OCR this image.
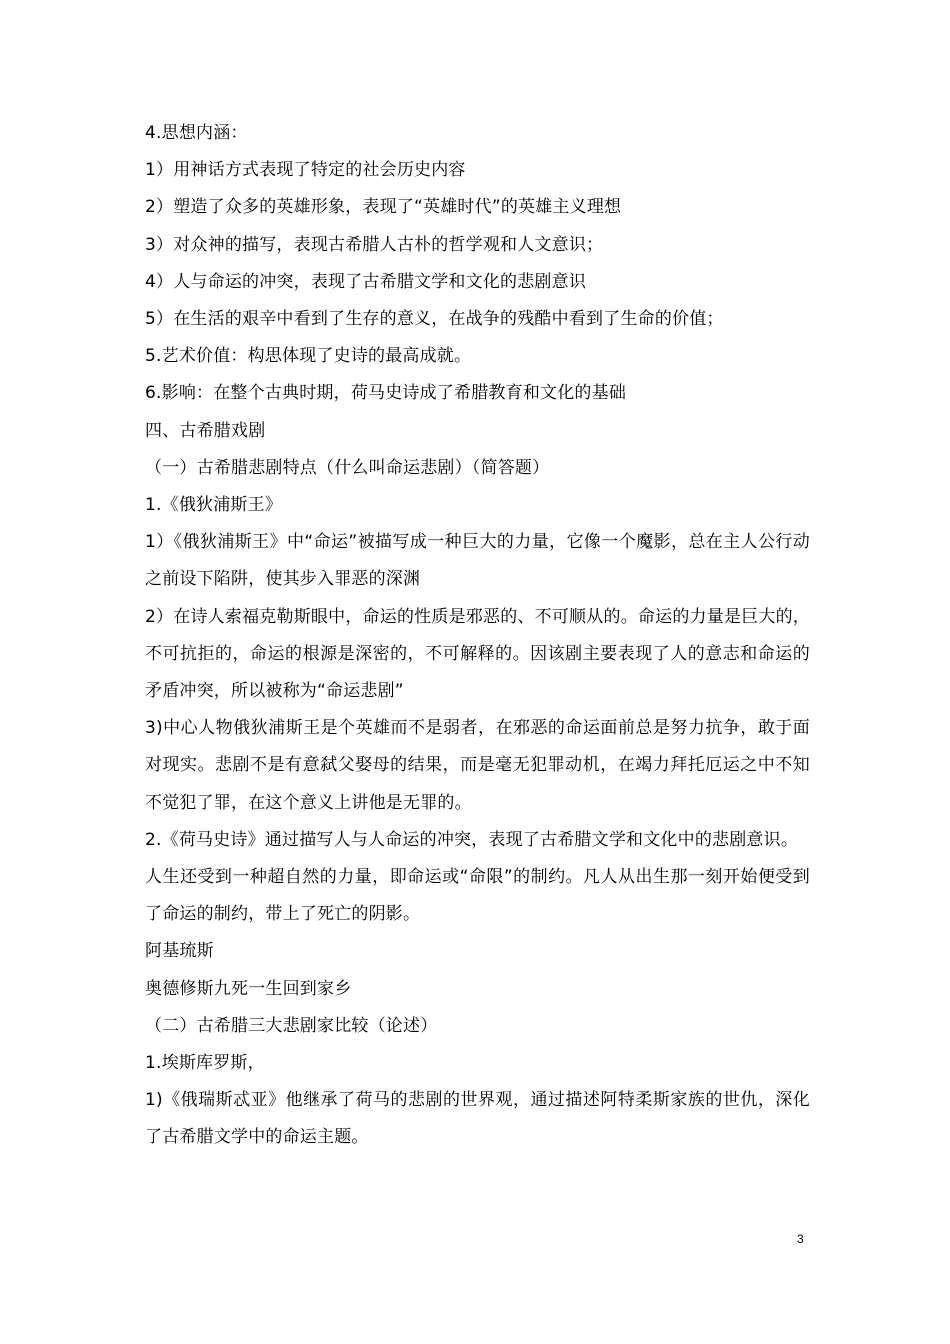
4.思想内涵：

1）用神话方式表现了特定的社会历史内容

2）塑造了众多的英雄形象，表现了“英雄时代”的英雄主义理想

3）对众神的描写，表现古希腊人古朴的哲学观和人文意识；

4）人与命运的冲突，表现了古希腊文学和文化的悲剧意识

5）在生活的艰辛中看到了生存的意义，在战争的残酷中看到了生命的价值；

5.艺术价值：构思体现了史诗的最高成就。

6.影响：在整个古典时期，荷马史诗成了希腊教育和文化的基础

四、古希腊戏剧

（一）古希腊悲剧特点（什么叫命运悲剧）（简答题）

1.《俄狄浦斯王》

1）《俄狄浦斯王》中“命运”被描写成一种巨大的力量，它像一个魔影，总在主人公行动之前设下陷阱，使其步入罪恶的深渊

2）在诗人索福克勒斯眼中，命运的性质是邪恶的、不可顺从的。命运的力量是巨大的，不可抗拒的，命运的根源是深密的，不可解释的。因该剧主要表现了人的意志和命运的矛盾冲突，所以被称为“命运悲剧”

3)中心人物俄狄浦斯王是个英雄而不是弱者，在邪恶的命运面前总是努力抗争，敢于面对现实。悲剧不是有意弑父娶母的结果，而是毫无犯罪动机，在竭力拜托厄运之中不知不觉犯了罪，在这个意义上讲他是无罪的。

2.《荷马史诗》通过描写人与人命运的冲突，表现了古希腊文学和文化中的悲剧意识。

人生还受到一种超自然的力量，即命运或“命限”的制约。凡人从出生那一刻开始便受到了命运的制约，带上了死亡的阴影。

阿基琉斯

奥德修斯九死一生回到家乡

（二）古希腊三大悲剧家比较（论述）

1.埃斯库罗斯，

1)《俄瑞斯忒亚》他继承了荷马的悲剧的世界观，通过描述阿特柔斯家族的世仇，深化了古希腊文学中的命运主题。

3
